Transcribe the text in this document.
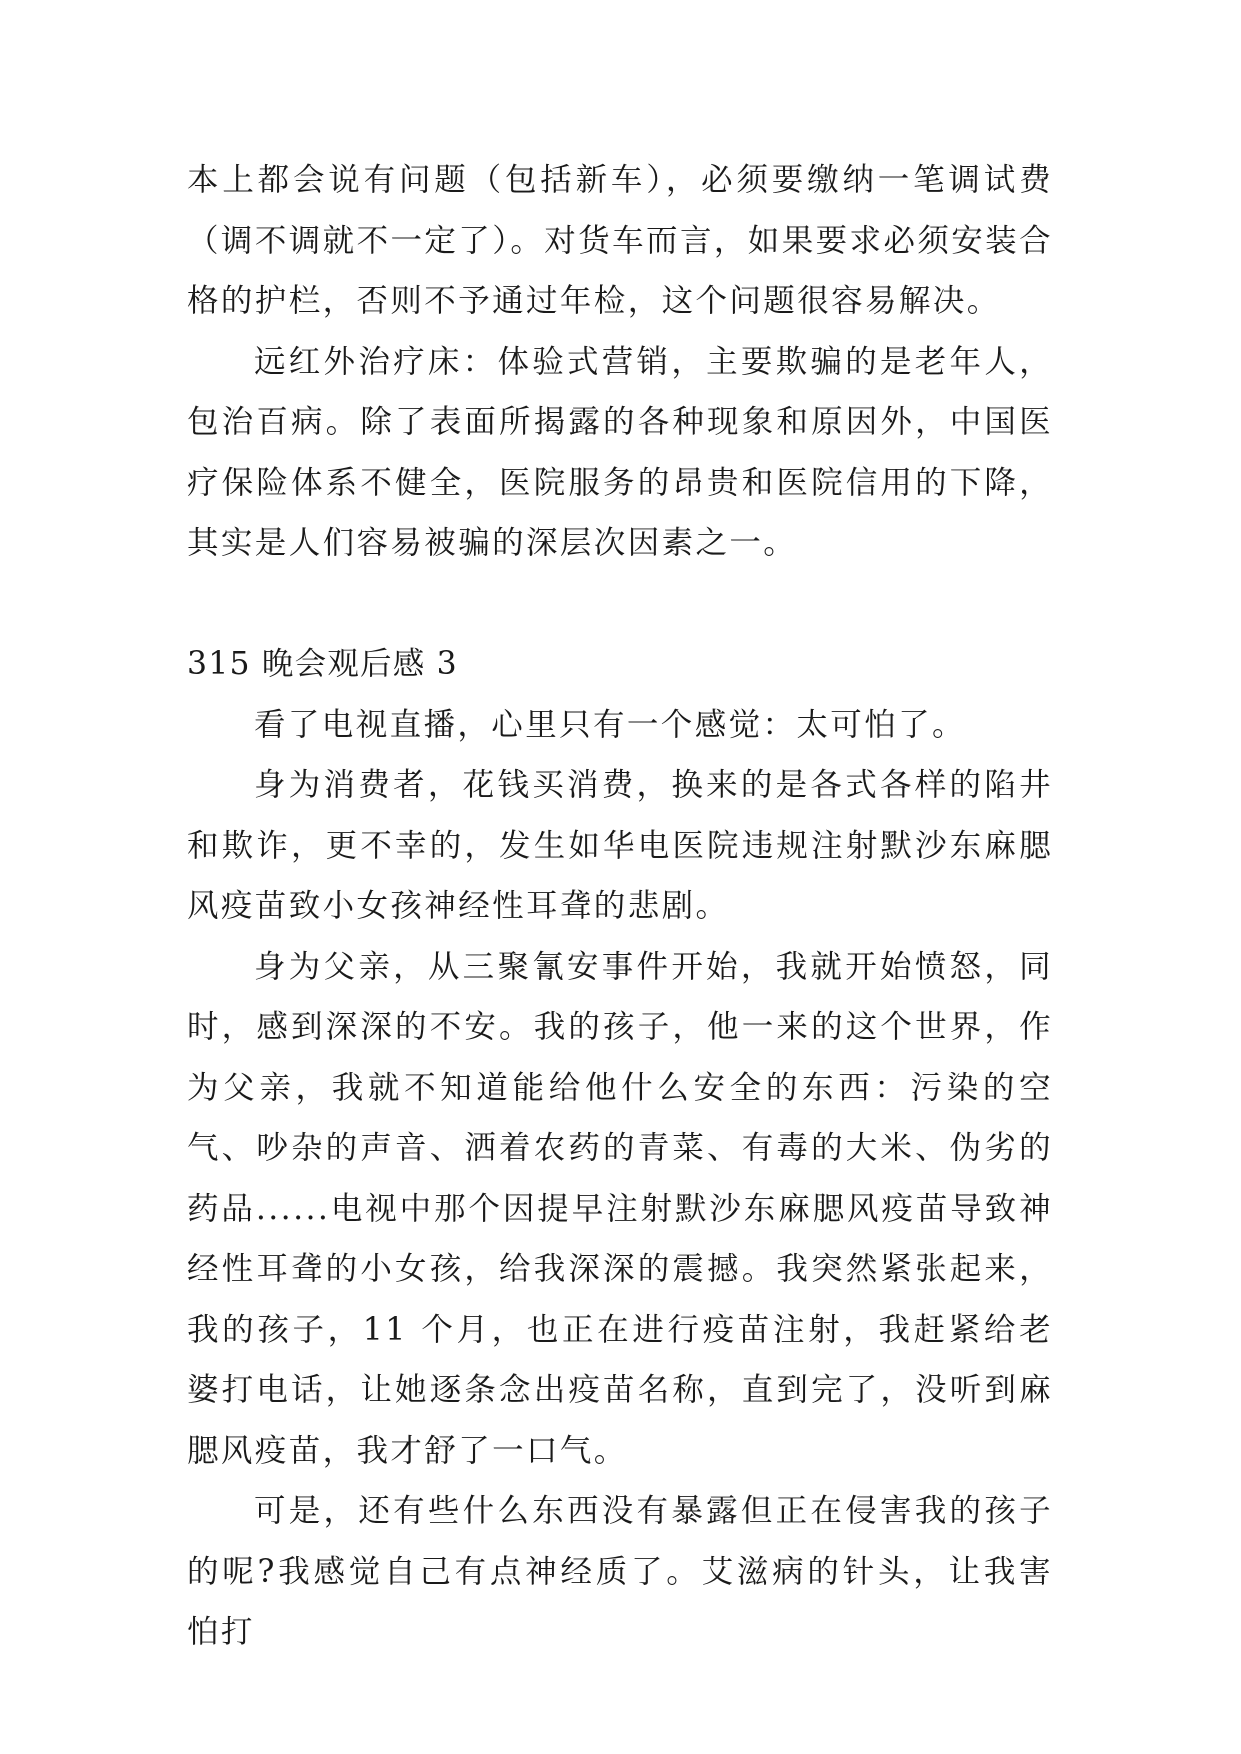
本上都会说有问题（包括新车），必须要缴纳一笔调试费（调不调就不一定了）。对货车而言，如果要求必须安装合格的护栏，否则不予通过年检，这个问题很容易解决。

远红外治疗床：体验式营销，主要欺骗的是老年人，包治百病。除了表面所揭露的各种现象和原因外，中国医疗保险体系不健全，医院服务的昂贵和医院信用的下降，其实是人们容易被骗的深层次因素之一。

315 晚会观后感 3

看了电视直播，心里只有一个感觉：太可怕了。

身为消费者，花钱买消费，换来的是各式各样的陷井和欺诈，更不幸的，发生如华电医院违规注射默沙东麻腮风疫苗致小女孩神经性耳聋的悲剧。

身为父亲，从三聚氰安事件开始，我就开始愤怒，同时，感到深深的不安。我的孩子，他一来的这个世界，作为父亲，我就不知道能给他什么安全的东西：污染的空气、吵杂的声音、洒着农药的青菜、有毒的大米、伪劣的药品......电视中那个因提早注射默沙东麻腮风疫苗导致神经性耳聋的小女孩，给我深深的震撼。我突然紧张起来，我的孩子，11 个月，也正在进行疫苗注射，我赶紧给老婆打电话，让她逐条念出疫苗名称，直到完了，没听到麻腮风疫苗，我才舒了一口气。

可是，还有些什么东西没有暴露但正在侵害我的孩子的呢?我感觉自己有点神经质了。艾滋病的针头，让我害怕打
